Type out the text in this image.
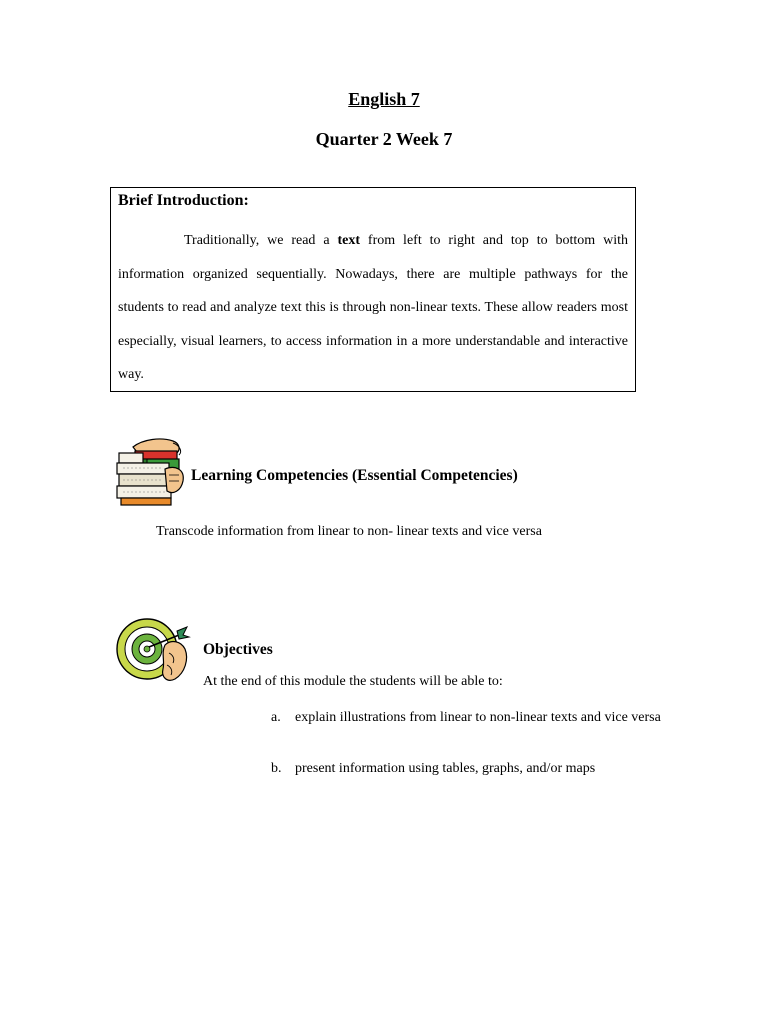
English 7
Quarter 2 Week 7
Brief Introduction:

Traditionally, we read a text from left to right and top to bottom with information organized sequentially. Nowadays, there are multiple pathways for the students to read and analyze text this is through non-linear texts. These allow readers most especially, visual learners, to access information in a more understandable and interactive way.

Learning Competencies (Essential Competencies)
Transcode information from linear to non- linear texts and vice versa
Objectives
At the end of this module the students will be able to:
a. explain illustrations from linear to non-linear texts and vice versa
b. present information using tables, graphs, and/or maps
